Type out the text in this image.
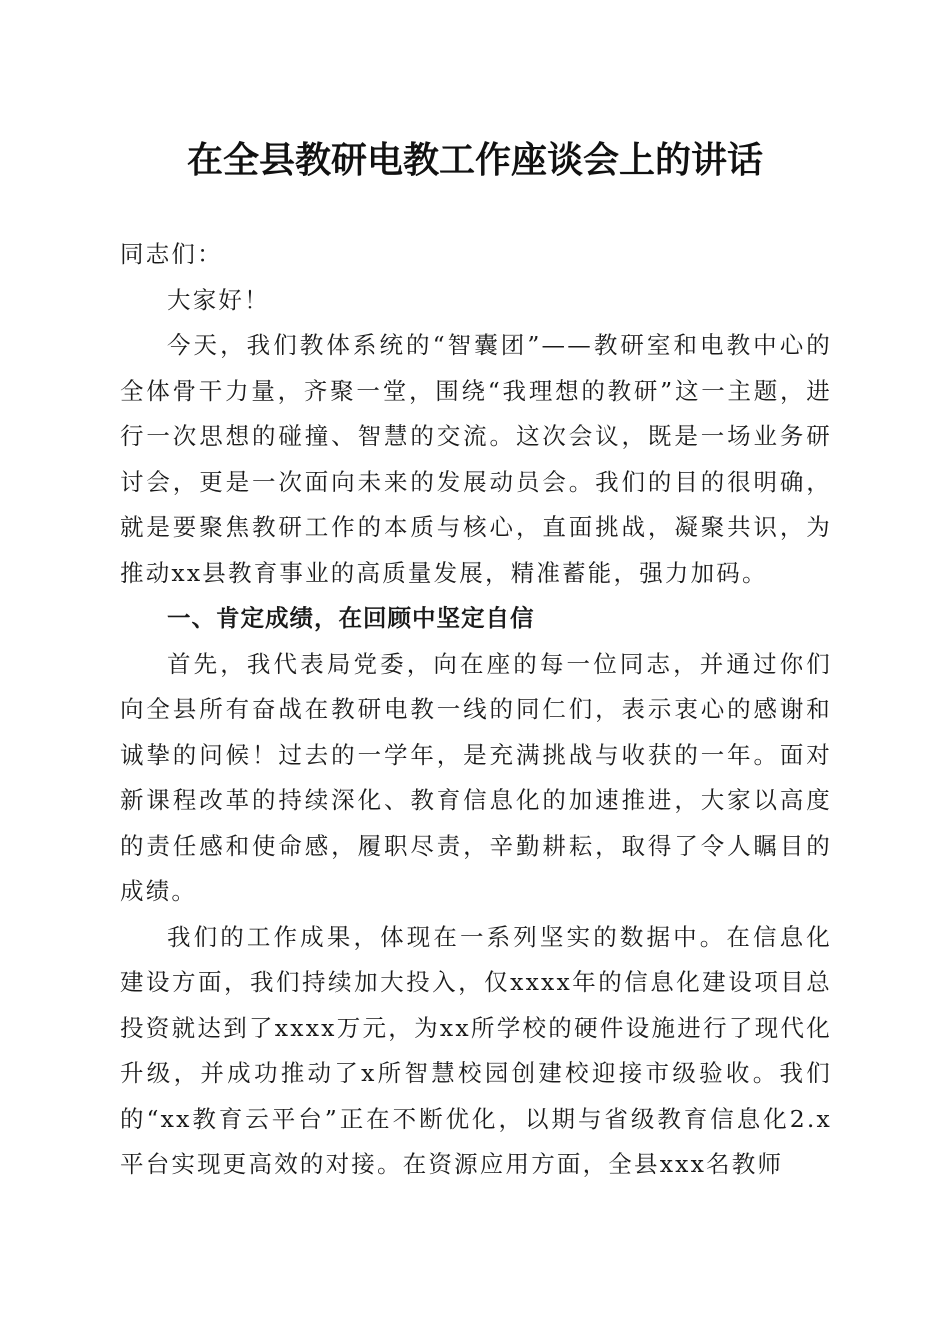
在全县教研电教工作座谈会上的讲话

同志们：

大家好！

今天，我们教体系统的“智囊团”——教研室和电教中心的全体骨干力量，齐聚一堂，围绕“我理想的教研”这一主题，进行一次思想的碰撞、智慧的交流。这次会议，既是一场业务研讨会，更是一次面向未来的发展动员会。我们的目的很明确，就是要聚焦教研工作的本质与核心，直面挑战，凝聚共识，为推动xx县教育事业的高质量发展，精准蓄能，强力加码。

一、肯定成绩，在回顾中坚定自信

首先，我代表局党委，向在座的每一位同志，并通过你们向全县所有奋战在教研电教一线的同仁们，表示衷心的感谢和诚挚的问候！过去的一学年，是充满挑战与收获的一年。面对新课程改革的持续深化、教育信息化的加速推进，大家以高度的责任感和使命感，履职尽责，辛勤耕耘，取得了令人瞩目的成绩。

我们的工作成果，体现在一系列坚实的数据中。在信息化建设方面，我们持续加大投入，仅xxxx年的信息化建设项目总投资就达到了xxxx万元，为xx所学校的硬件设施进行了现代化升级，并成功推动了x所智慧校园创建校迎接市级验收。我们的“xx教育云平台”正在不断优化，以期与省级教育信息化2.x平台实现更高效的对接。在资源应用方面，全县xxx名教师
